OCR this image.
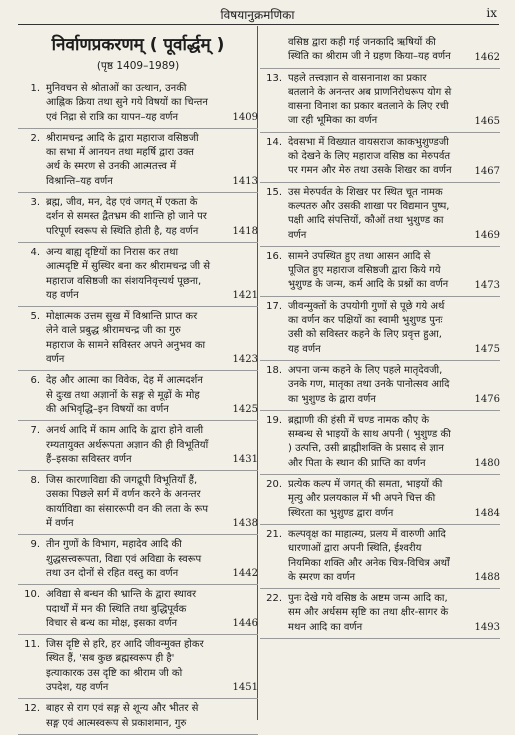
विषयानुक्रमणिका	ix
निर्वाणप्रकरणम् ( पूर्वार्द्धम् )
(पृष्ठ 1409–1989)
1. मुनिवचन से श्रोताओं का उत्थान, उनकी आह्निक क्रिया तथा सुने गये विषयों का चिन्तन एवं निद्रा से रात्रि का यापन–यह वर्णन	1409
2. श्रीरामचन्द्र आदि के द्वारा महाराज वसिष्ठजी का सभा में आनयन तथा महर्षि द्वारा उक्त अर्थ के स्मरण से उनकी आत्मतत्त्व में विश्रान्ति–यह वर्णन	1413
3. ब्रह्म, जीव, मन, देह एवं जगत् में एकता के दर्शन से समस्त द्वैतभ्रम की शान्ति हो जाने पर परिपूर्ण स्वरूप से स्थिति होती है, यह वर्णन	1418
4. अन्य बाह्य दृष्टियों का निरास कर तथा आत्मदृष्टि में सुस्थिर बना कर श्रीरामचन्द्र जी से महाराज वसिष्ठजी का संशयनिवृत्त्यर्थ पूछना, यह वर्णन	1421
5. मोक्षात्मक उत्तम सुख में विश्रान्ति प्राप्त कर लेने वाले प्रबुद्ध श्रीरामचन्द्र जी का गुरु महाराज के सामने सविस्तर अपने अनुभव का वर्णन	1423
6. देह और आत्मा का विवेक, देह में आत्मदर्शन से दुःख तथा अज्ञानों के सङ्ग से मूढ़ों के मोह की अभिवृद्धि–इन विषयों का वर्णन	1425
7. अनर्थ आदि में काम आदि के द्वारा होने वाली रम्यतायुक्त अर्थरूपता अज्ञान की ही विभूतियाँ हैं–इसका सविस्तर वर्णन	1431
8. जिस कारणाविद्या की जगद्रूपी विभूतियाँ हैं, उसका पिछले सर्ग में वर्णन करने के अनन्तर कार्याविद्या का संसाररूपी वन की लता के रूप में वर्णन	1438
9. तीन गुणों के विभाग, महादेव आदि की शुद्धसत्त्वरूपता, विद्या एवं अविद्या के स्वरूप तथा उन दोनों से रहित वस्तु का वर्णन	1442
10. अविद्या से बन्धन की भ्रान्ति के द्वारा स्थावर पदार्थों में मन की स्थिति तथा बुद्धिपूर्वक विचार से बन्ध का मोक्ष, इसका वर्णन	1446
11. जिस दृष्टि से हरि, हर आदि जीवन्मुक्त होकर स्थित हैं, 'सब कुछ ब्रह्मस्वरूप ही है' इत्याकारक उस दृष्टि का श्रीराम जी को उपदेश, यह वर्णन	1451
12. बाहर से राग एवं सङ्ग से शून्य और भीतर से सङ्ग एवं आत्मस्वरूप से प्रकाशमान, गुरु
वसिष्ठ द्वारा कही गई जनकादि ऋषियों की स्थिति का श्रीराम जी ने ग्रहण किया–यह वर्णन 1462
13. पहले तत्त्वज्ञान से वासनानाश का प्रकार बतलाने के अनन्तर अब प्राणनिरोधरूप योग से वासना विनाश का प्रकार बतलाने के लिए रची जा रही भूमिका का वर्णन	1465
14. देवसभा में विख्यात वायसराज काकभुशुण्डजी को देखने के लिए महाराज वसिष्ठ का मेरुपर्वत पर गमन और मेरु तथा उसके शिखर का वर्णन 1467
15. उस मेरुपर्वत के शिखर पर स्थित चूत नामक कल्पतरु और उसकी शाखा पर विद्यमान पुष्प, पक्षी आदि संपत्तियों, कौओं तथा भुशुण्ड का वर्णन	1469
16. सामने उपस्थित हुए तथा आसन आदि से पूजित हुए महाराज वसिष्ठजी द्वारा किये गये भुशुण्ड के जन्म, कर्म आदि के प्रश्नों का वर्णन	1473
17. जीवन्मुक्तों के उपयोगी गुणों से पूछे गये अर्थ का वर्णन कर पक्षियों का स्वामी भुशुण्ड पुनः उसी को सविस्तर कहने के लिए प्रवृत्त हुआ, यह वर्णन	1475
18. अपना जन्म कहने के लिए पहले मातृदेवजी, उनके गण, मातृका तथा उनके पानोत्सव आदि का भुशुण्ड के द्वारा वर्णन	1476
19. ब्रह्माणी की हंसी में चण्ड नामक कौए के सम्बन्ध से भाइयों के साथ अपनी ( भुशुण्ड की ) उत्पत्ति, उसी ब्राह्मीशक्ति के प्रसाद से ज्ञान और पिता के स्थान की प्राप्ति का वर्णन	1480
20. प्रत्येक कल्प में जगत् की समता, भाइयों की मृत्यु और प्रलयकाल में भी अपने चित्त की स्थिरता का भुशुण्ड द्वारा वर्णन	1484
21. कल्पवृक्ष का माहात्म्य, प्रलय में वारुणी आदि धारणाओं द्वारा अपनी स्थिति, ईश्वरीय नियमिका शक्ति और अनेक चित्र-विचित्र अर्थों के स्मरण का वर्णन	1488
22. पुनः देखे गये वसिष्ठ के अष्टम जन्म आदि का, सम और अर्धसम सृष्टि का तथा क्षीर-सागर के मथन आदि का वर्णन	1493
